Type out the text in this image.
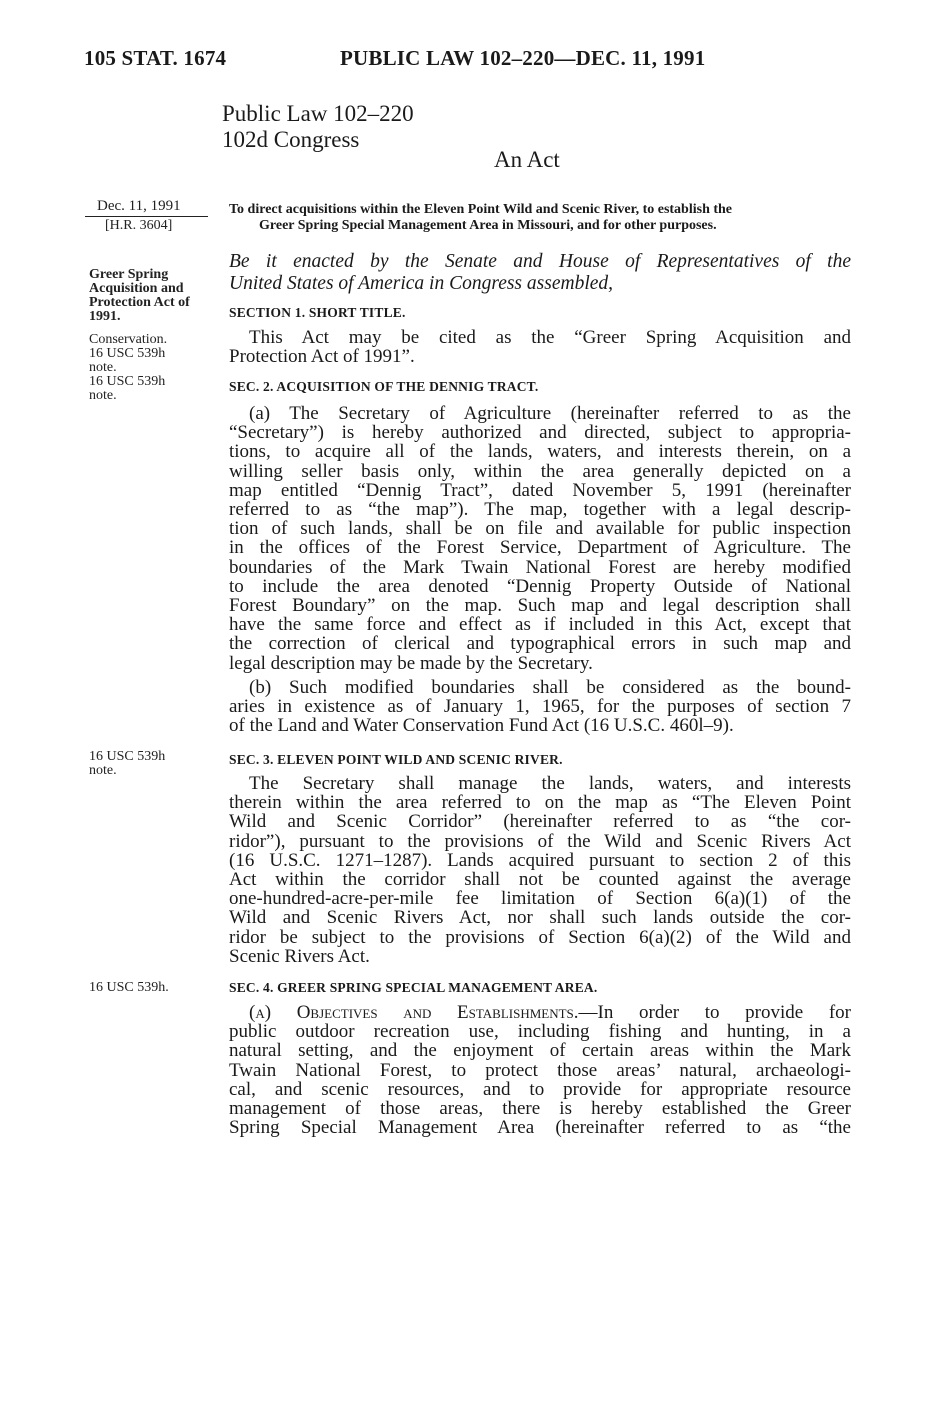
105 STAT. 1674	PUBLIC LAW 102–220—DEC. 11, 1991
Public Law 102–220
102d Congress
An Act
Dec. 11, 1991
[H.R. 3604]
Greer Spring
Acquisition and
Protection Act of
1991.
Conservation.
16 USC 539h
note.
16 USC 539h
note.
16 USC 539h
note.
16 USC 539h.
To direct acquisitions within the Eleven Point Wild and Scenic River, to establish the
Greer Spring Special Management Area in Missouri, and for other purposes.
Be it enacted by the Senate and House of Representatives of the
United States of America in Congress assembled,
SECTION 1. SHORT TITLE.
This Act may be cited as the “Greer Spring Acquisition and
Protection Act of 1991”.
SEC. 2. ACQUISITION OF THE DENNIG TRACT.
(a) The Secretary of Agriculture (hereinafter referred to as the
“Secretary”) is hereby authorized and directed, subject to appropria-
tions, to acquire all of the lands, waters, and interests therein, on a
willing seller basis only, within the area generally depicted on a
map entitled “Dennig Tract”, dated November 5, 1991 (hereinafter
referred to as “the map”). The map, together with a legal descrip-
tion of such lands, shall be on file and available for public inspection
in the offices of the Forest Service, Department of Agriculture. The
boundaries of the Mark Twain National Forest are hereby modified
to include the area denoted “Dennig Property Outside of National
Forest Boundary” on the map. Such map and legal description shall
have the same force and effect as if included in this Act, except that
the correction of clerical and typographical errors in such map and
legal description may be made by the Secretary.
(b) Such modified boundaries shall be considered as the bound-
aries in existence as of January 1, 1965, for the purposes of section 7
of the Land and Water Conservation Fund Act (16 U.S.C. 460l–9).
SEC. 3. ELEVEN POINT WILD AND SCENIC RIVER.
The Secretary shall manage the lands, waters, and interests
therein within the area referred to on the map as “The Eleven Point
Wild and Scenic Corridor” (hereinafter referred to as “the cor-
ridor”), pursuant to the provisions of the Wild and Scenic Rivers Act
(16 U.S.C. 1271–1287). Lands acquired pursuant to section 2 of this
Act within the corridor shall not be counted against the average
one-hundred-acre-per-mile fee limitation of Section 6(a)(1) of the
Wild and Scenic Rivers Act, nor shall such lands outside the cor-
ridor be subject to the provisions of Section 6(a)(2) of the Wild and
Scenic Rivers Act.
SEC. 4. GREER SPRING SPECIAL MANAGEMENT AREA.
(a) Objectives and Establishments.—In order to provide for
public outdoor recreation use, including fishing and hunting, in a
natural setting, and the enjoyment of certain areas within the Mark
Twain National Forest, to protect those areas’ natural, archaeologi-
cal, and scenic resources, and to provide for appropriate resource
management of those areas, there is hereby established the Greer
Spring Special Management Area (hereinafter referred to as “the
